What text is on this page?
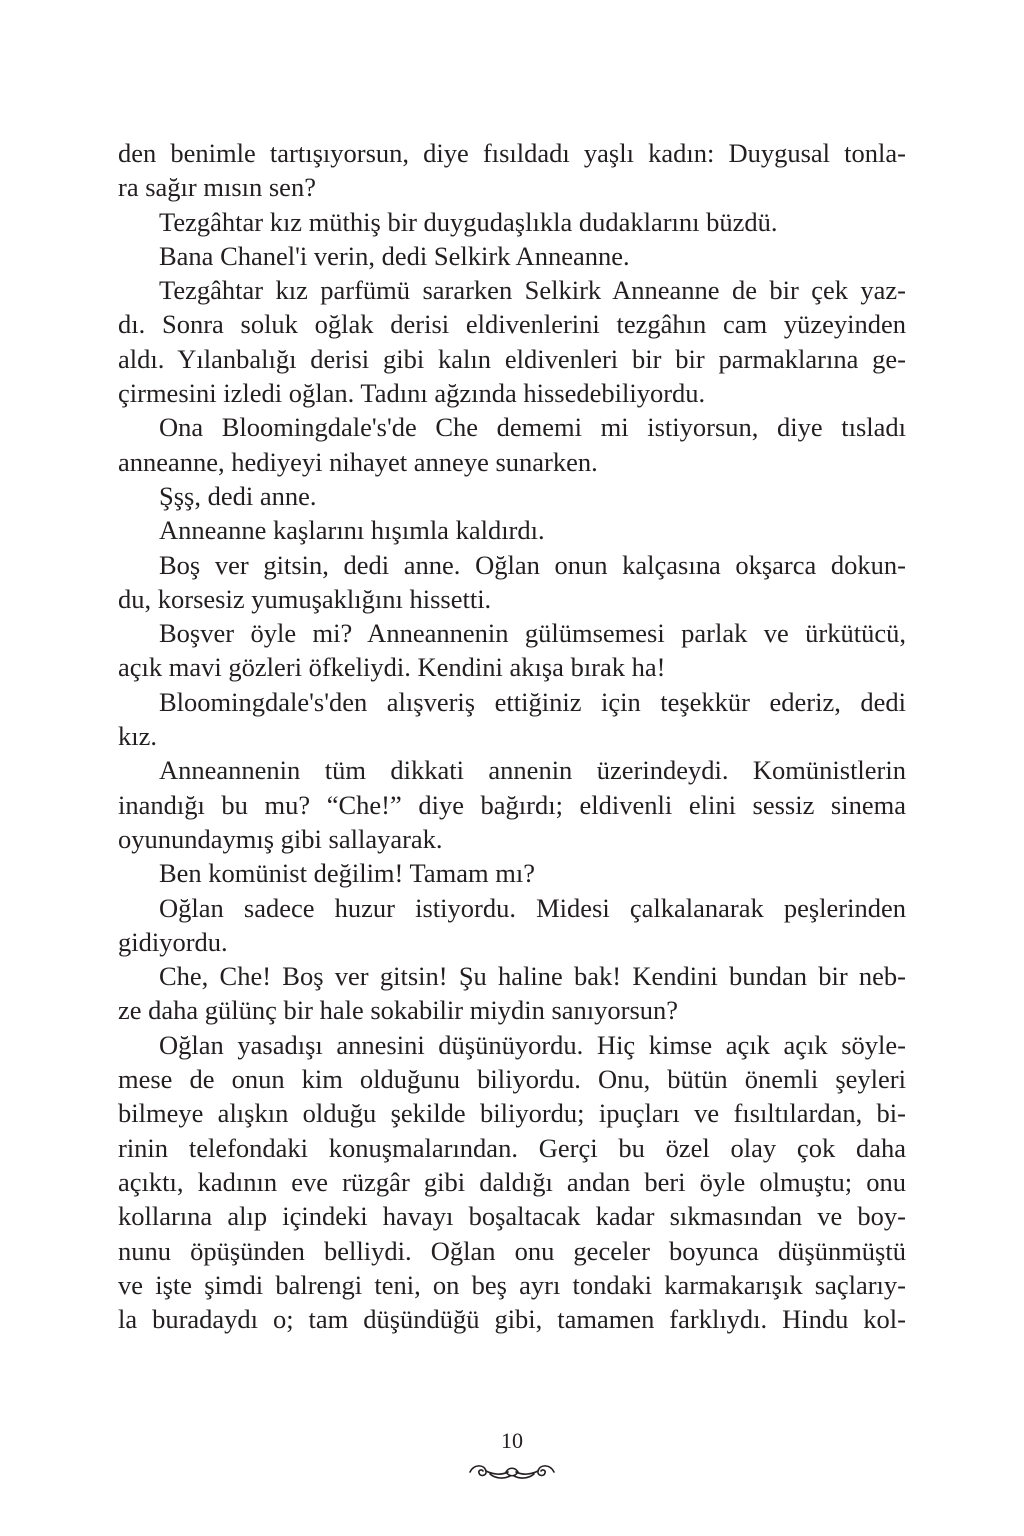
den benimle tartışıyorsun, diye fısıldadı yaşlı kadın: Duygusal tonla-
ra sağır mısın sen?
Tezgâhtar kız müthiş bir duygudaşlıkla dudaklarını büzdü.
Bana Chanel'i verin, dedi Selkirk Anneanne.
Tezgâhtar kız parfümü sararken Selkirk Anneanne de bir çek yaz-
dı. Sonra soluk oğlak derisi eldivenlerini tezgâhın cam yüzeyinden
aldı. Yılanbalığı derisi gibi kalın eldivenleri bir bir parmaklarına ge-
çirmesini izledi oğlan. Tadını ağzında hissedebiliyordu.
Ona Bloomingdale's'de Che dememi mi istiyorsun, diye tısladı
anneanne, hediyeyi nihayet anneye sunarken.
Şşş, dedi anne.
Anneanne kaşlarını hışımla kaldırdı.
Boş ver gitsin, dedi anne. Oğlan onun kalçasına okşarca dokun-
du, korsesiz yumuşaklığını hissetti.
Boşver öyle mi? Anneannenin gülümsemesi parlak ve ürkütücü,
açık mavi gözleri öfkeliydi. Kendini akışa bırak ha!
Bloomingdale's'den alışveriş ettiğiniz için teşekkür ederiz, dedi
kız.
Anneannenin tüm dikkati annenin üzerindeydi. Komünistlerin
inandığı bu mu? “Che!” diye bağırdı; eldivenli elini sessiz sinema
oyunundaymış gibi sallayarak.
Ben komünist değilim! Tamam mı?
Oğlan sadece huzur istiyordu. Midesi çalkalanarak peşlerinden
gidiyordu.
Che, Che! Boş ver gitsin! Şu haline bak! Kendini bundan bir neb-
ze daha gülünç bir hale sokabilir miydin sanıyorsun?
Oğlan yasadışı annesini düşünüyordu. Hiç kimse açık açık söyle-
mese de onun kim olduğunu biliyordu. Onu, bütün önemli şeyleri
bilmeye alışkın olduğu şekilde biliyordu; ipuçları ve fısıltılardan, bi-
rinin telefondaki konuşmalarından. Gerçi bu özel olay çok daha
açıktı, kadının eve rüzgâr gibi daldığı andan beri öyle olmuştu; onu
kollarına alıp içindeki havayı boşaltacak kadar sıkmasından ve boy-
nunu öpüşünden belliydi. Oğlan onu geceler boyunca düşünmüştü
ve işte şimdi balrengi teni, on beş ayrı tondaki karmakarışık saçlarıy-
la buradaydı o; tam düşündüğü gibi, tamamen farklıydı. Hindu kol-
10
